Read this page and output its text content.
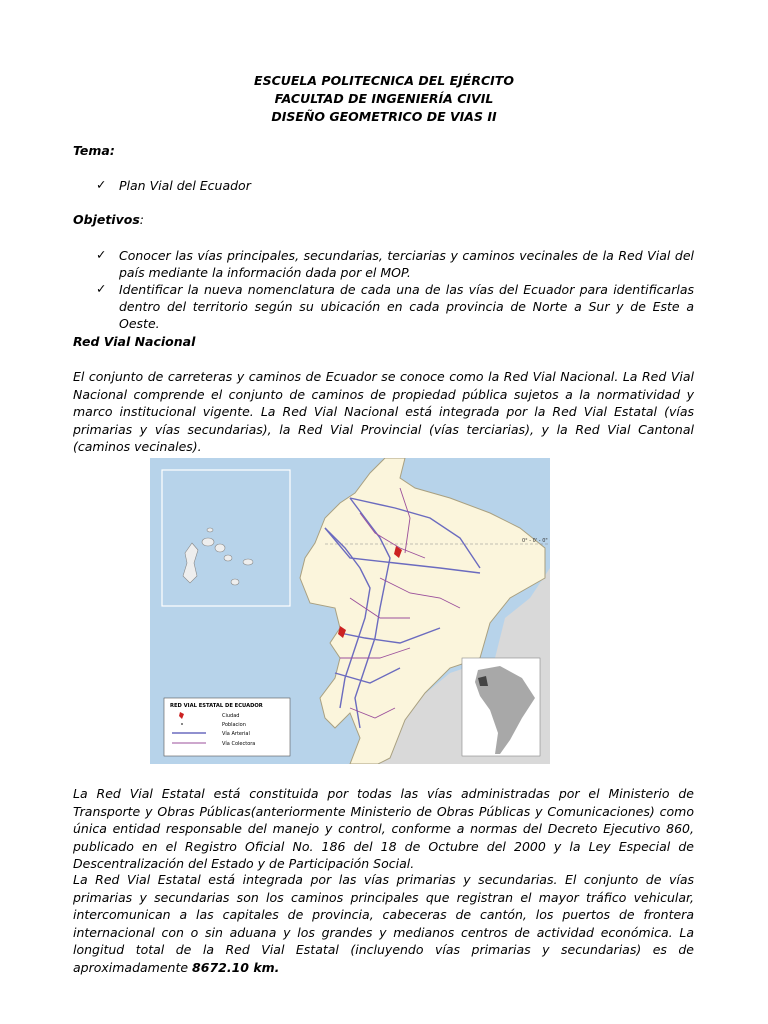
ESCUELA POLITECNICA DEL EJÉRCITO
FACULTAD DE INGENIERÍA CIVIL
DISEÑO GEOMETRICO DE VIAS II
Tema:
✓ Plan Vial del Ecuador
Objetivos:
✓ Conocer las vías principales, secundarias, terciarias y caminos vecinales de la Red Vial del país mediante la información dada por el MOP.
✓ Identificar la nueva nomenclatura de cada una de las vías del Ecuador para identificarlas dentro del territorio según su ubicación en cada provincia de Norte a Sur y de Este a Oeste.
Red Vial Nacional
El conjunto de carreteras y caminos de Ecuador se conoce como la Red Vial Nacional. La Red Vial Nacional comprende el conjunto de caminos de propiedad pública sujetos a la normatividad y marco institucional vigente. La Red Vial Nacional está integrada por la Red Vial Estatal (vías primarias y vías secundarias), la Red Vial Provincial (vías terciarias), y la Red Vial Cantonal (caminos vecinales).
0° - 0' - 0"
RED VIAL ESTATAL DE ECUADOR
Ciudad
Poblacion
Vía Arterial
Vía Colectora
La Red Vial Estatal está constituida por todas las vías administradas por el Ministerio de Transporte y Obras Públicas(anteriormente Ministerio de Obras Públicas y Comunicaciones) como única entidad responsable del manejo y control, conforme a normas del Decreto Ejecutivo 860, publicado en el Registro Oficial No. 186 del 18 de Octubre del 2000 y la Ley Especial de Descentralización del Estado y de Participación Social.
La Red Vial Estatal está integrada por las vías primarias y secundarias. El conjunto de vías primarias y secundarias son los caminos principales que registran el mayor tráfico vehicular, intercomunican a las capitales de provincia, cabeceras de cantón, los puertos de frontera internacional con o sin aduana y los grandes y medianos centros de actividad económica. La longitud total de la Red Vial Estatal (incluyendo vías primarias y secundarias) es de aproximadamente 8672.10 km.
